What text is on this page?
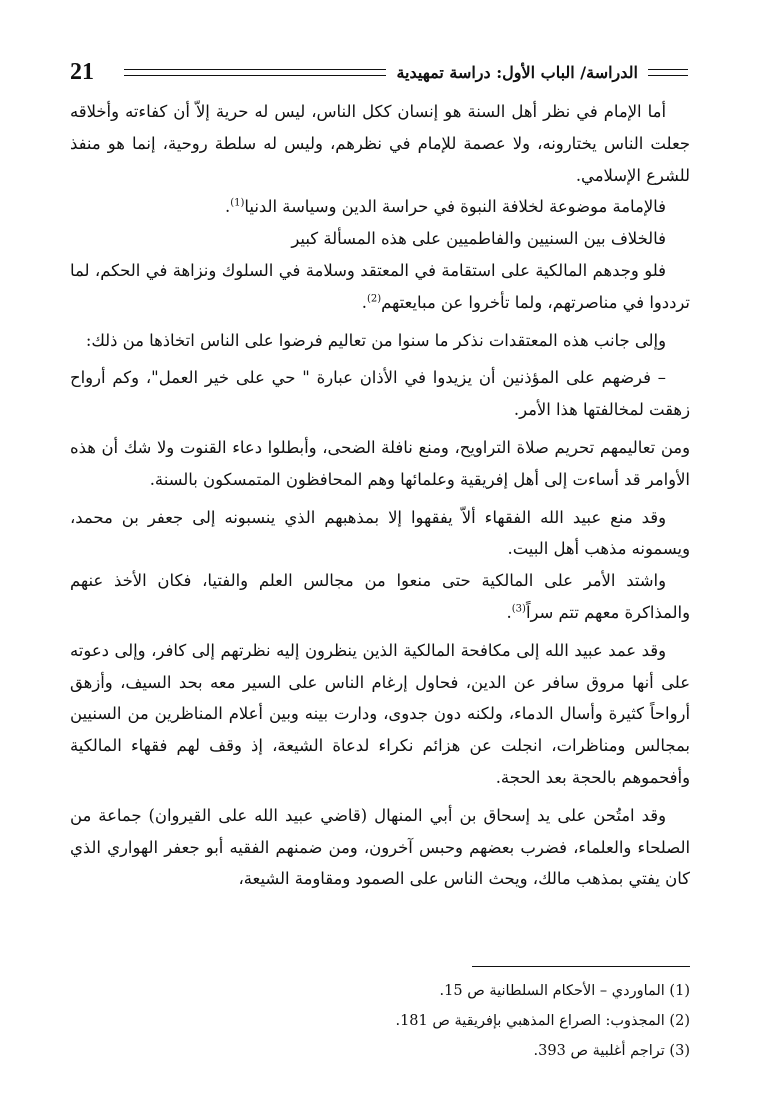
21	الدراسة/ الباب الأول: دراسة تمهيدية

أما الإمام في نظر أهل السنة هو إنسان ككل الناس، ليس له حرية إلاّ أن كفاءته وأخلاقه جعلت الناس يختارونه، ولا عصمة للإمام في نظرهم، وليس له سلطة روحية، إنما هو منفذ للشرع الإسلامي.

فالإمامة موضوعة لخلافة النبوة في حراسة الدين وسياسة الدنيا$^{(1)}$.

فالخلاف بين السنيين والفاطميين على هذه المسألة كبير

فلو وجدهم المالكية على استقامة في المعتقد وسلامة في السلوك ونزاهة في الحكم، لما ترددوا في مناصرتهم، ولما تأخروا عن مبايعتهم$^{(2)}$.

وإلى جانب هذه المعتقدات نذكر ما سنوا من تعاليم فرضوا على الناس اتخاذها من ذلك:

– فرضهم على المؤذنين أن يزيدوا في الأذان عبارة " حي على خير العمل"، وكم أرواح زهقت لمخالفتها هذا الأمر.

ومن تعاليمهم تحريم صلاة التراويح، ومنع نافلة الضحى، وأبطلوا دعاء القنوت ولا شك أن هذه الأوامر قد أساءت إلى أهل إفريقية وعلمائها وهم المحافظون المتمسكون بالسنة.

وقد منع عبيد الله الفقهاء ألاّ يفقهوا إلا بمذهبهم الذي ينسبونه إلى جعفر بن محمد، ويسمونه مذهب أهل البيت.

واشتد الأمر على المالكية حتى منعوا من مجالس العلم والفتيا، فكان الأخذ عنهم والمذاكرة معهم تتم سراً$^{(3)}$.

وقد عمد عبيد الله إلى مكافحة المالكية الذين ينظرون إليه نظرتهم إلى كافر، وإلى دعوته على أنها مروق سافر عن الدين، فحاول إرغام الناس على السير معه بحد السيف، وأزهق أرواحاً كثيرة وأسال الدماء، ولكنه دون جدوى، ودارت بينه وبين أعلام المناظرين من السنيين بمجالس ومناظرات، انجلت عن هزائم نكراء لدعاة الشيعة، إذ وقف لهم فقهاء المالكية وأفحموهم بالحجة بعد الحجة.

وقد امتُحن على يد إسحاق بن أبي المنهال (قاضي عبيد الله على القيروان) جماعة من الصلحاء والعلماء، فضرب بعضهم وحبس آخرون، ومن ضمنهم الفقيه أبو جعفر الهواري الذي كان يفتي بمذهب مالك، ويحث الناس على الصمود ومقاومة الشيعة،

(1) الماوردي – الأحكام السلطانية ص 15.
(2) المجذوب: الصراع المذهبي بإفريقية ص 181.
(3) تراجم أغلبية ص 393.
